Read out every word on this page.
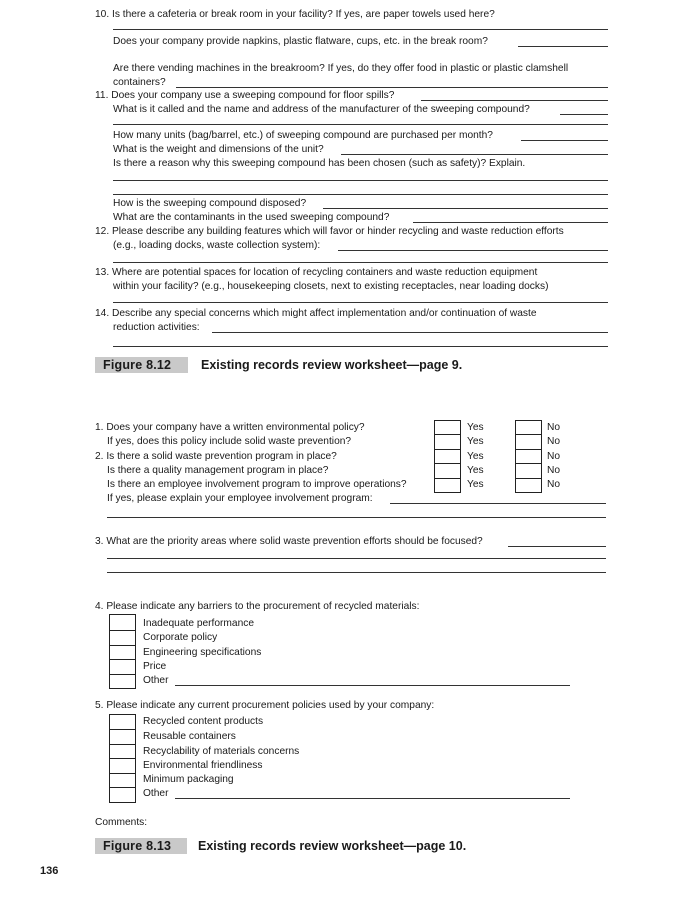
10. Is there a cafeteria or break room in your facility? If yes, are paper towels used here?
Does your company provide napkins, plastic flatware, cups, etc. in the break room?
Are there vending machines in the breakroom? If yes, do they offer food in plastic or plastic clamshell
containers?
11. Does your company use a sweeping compound for floor spills?
What is it called and the name and address of the manufacturer of the sweeping compound?
How many units (bag/barrel, etc.) of sweeping compound are purchased per month?
What is the weight and dimensions of the unit?
Is there a reason why this sweeping compound has been chosen (such as safety)? Explain.
How is the sweeping compound disposed?
What are the contaminants in the used sweeping compound?
12. Please describe any building features which will favor or hinder recycling and waste reduction efforts
(e.g., loading docks, waste collection system):
13. Where are potential spaces for location of recycling containers and waste reduction equipment
within your facility? (e.g., housekeeping closets, next to existing receptacles, near loading docks)
14. Describe any special concerns which might affect implementation and/or continuation of waste
reduction activities:
Figure 8.12	Existing records review worksheet—page 9.
1. Does your company have a written environmental policy?
If yes, does this policy include solid waste prevention?
2. Is there a solid waste prevention program in place?
Is there a quality management program in place?
Is there an employee involvement program to improve operations?
Yes
Yes
Yes
Yes
Yes
No
No
No
No
No
If yes, please explain your employee involvement program:
3. What are the priority areas where solid waste prevention efforts should be focused?
4. Please indicate any barriers to the procurement of recycled materials:
Inadequate performance
Corporate policy
Engineering specifications
Price
Other
5. Please indicate any current procurement policies used by your company:
Recycled content products
Reusable containers
Recyclability of materials concerns
Environmental friendliness
Minimum packaging
Other
Comments:
Figure 8.13	Existing records review worksheet—page 10.
136
